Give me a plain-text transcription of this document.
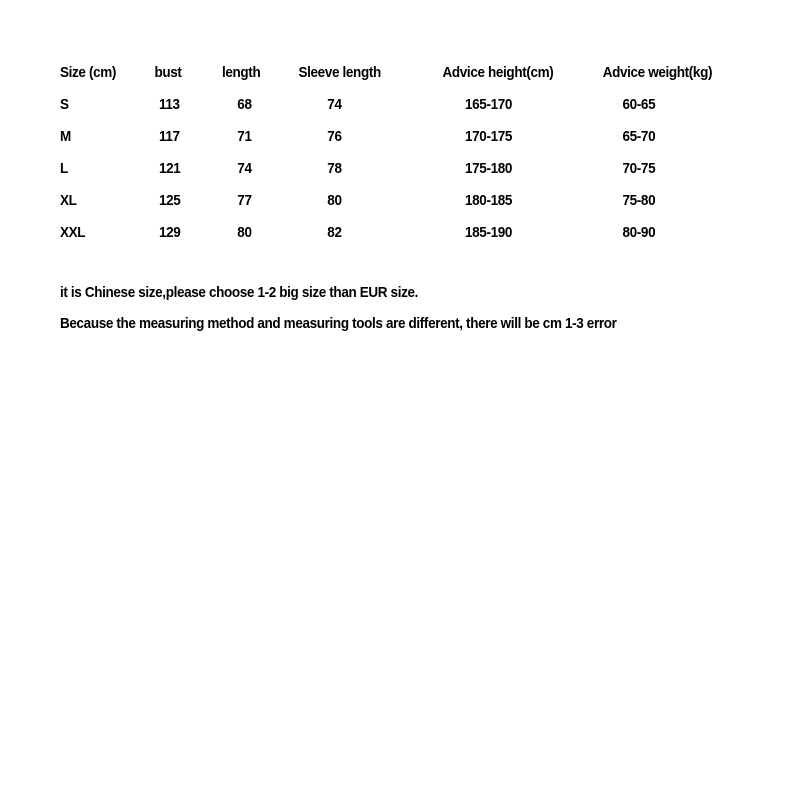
Size (cm)	bust	length	Sleeve length	Advice height(cm)	Advice weight(kg)
S	113	68	74	165-170	60-65
M	117	71	76	170-175	65-70
L	121	74	78	175-180	70-75
XL	125	77	80	180-185	75-80
XXL	129	80	82	185-190	80-90
it is Chinese size,please choose 1-2 big size than EUR size.
Because the measuring method and measuring tools are different, there will be cm 1-3 error
